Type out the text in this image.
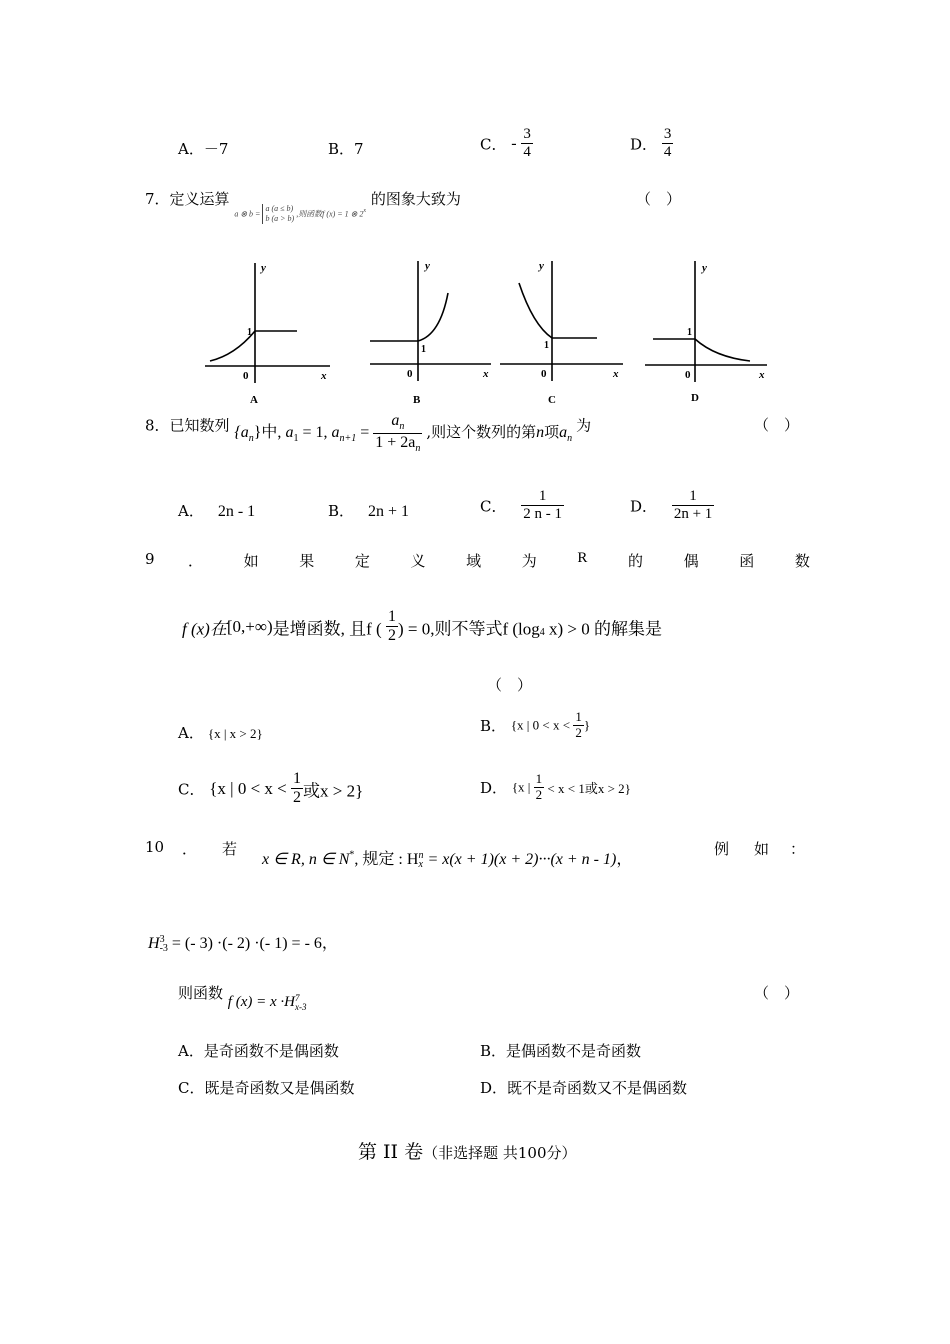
A．－7	B．7	C． - $\frac{3}{4}$	D． $\frac{3}{4}$
7．定义运算 a ⊗ b =
a (a ≤ b)
b (a > b) ,则函数f (x) = 1 ⊗ 2$^x$ 的图象大致为	（　）
y
x
0
1
A
y
x
0
1
B
y
x
0
1
C
y
x
0
1
D
8．已知数列 $\{a_n\}$中, $a_1 = 1$, $a_{n+1} = \frac{a_n}{1 + 2a_n}$ ,则这个数列的第n项$a_n$ 为	（　）
A． 2n - 1	B． 2n + 1	C． $\frac{1}{2 n - 1}$	D． $\frac{1}{2n + 1}$
9 ．	如	果	定	义	域	为	R	的	偶	函	数
f (x)在[0,+∞)是增函数, 且f ( $\frac{1}{2}$ ) = 0,则不等式f ($\log_4$ x) > 0 的解集是
（　）
A． {x | x > 2}	B． {x | $0 < x < \frac{1}{2}$ }
C． {x | $0 < x < \frac{1}{2}$ 或x > 2}	D． {x | $\frac{1}{2} < x < 1$或x > 2}
10 ． 若
x ∈ R, n ∈ N*, 规定 : H n
x = x(x + 1)(x + 2)···(x + n - 1)，
例 如 ：
H 3
-3 = (- 3) ·(- 2) ·(- 1) = - 6，
则函数 f (x) = x ·H 7
x-3
（　）
A．是奇函数不是偶函数	B．是偶函数不是奇函数
C．既是奇函数又是偶函数	D．既不是奇函数又不是偶函数
第 II 卷（非选择题 共100分）
